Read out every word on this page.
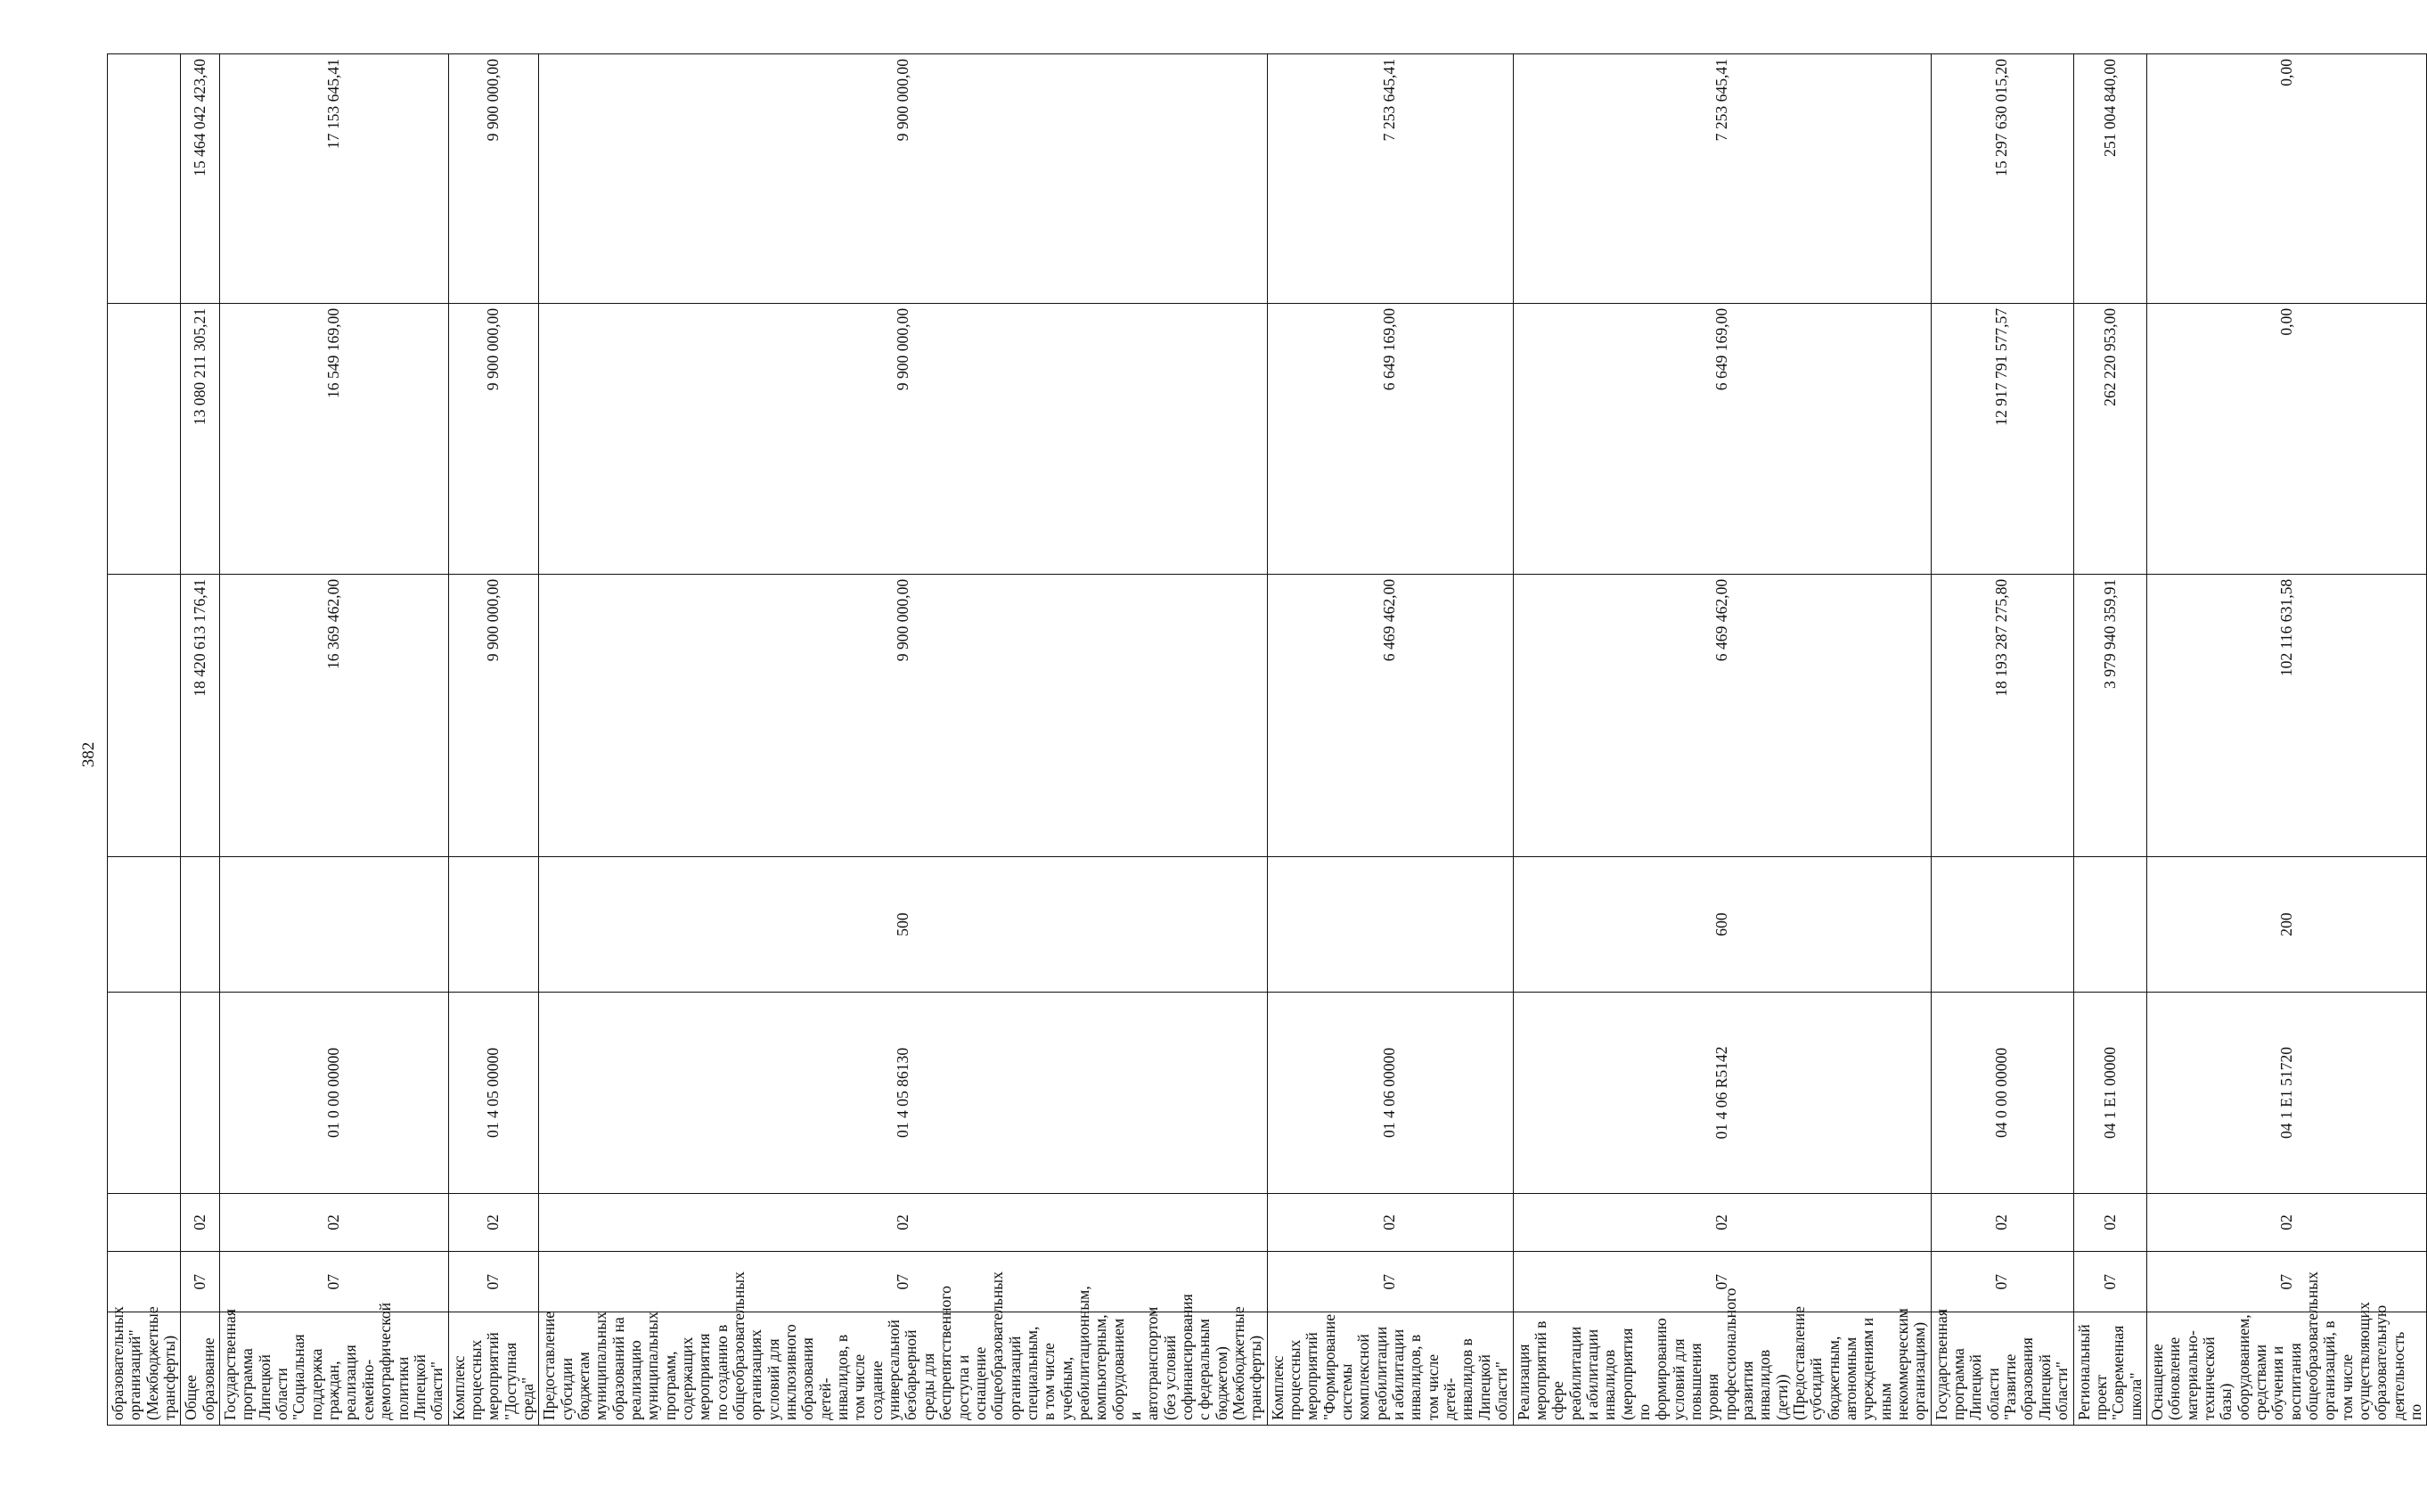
382
образовательных организаций" (Межбюджетные трансферты)							
Общее образование	07	02			18 420 613 176,41	13 080 211 305,21	15 464 042 423,40
Государственная программа Липецкой области "Социальная поддержка граждан, реализация семейно-демографической политики Липецкой области"	07	02	01 0 00 00000		16 369 462,00	16 549 169,00	17 153 645,41
Комплекс процессных мероприятий "Доступная среда"	07	02	01 4 05 00000		9 900 000,00	9 900 000,00	9 900 000,00
Предоставление субсидии бюджетам муниципальных образований на реализацию муниципальных программ, содержащих мероприятия по созданию в общеобразовательных организациях условий для инклюзивного образования детей-инвалидов, в том числе создание универсальной безбарьерной среды для беспрепятственного доступа и оснащение общеобразовательных организаций специальным, в том числе учебным, реабилитационным, компьютерным, оборудованием и автотранспортом (без условий софинансирования с федеральным бюджетом) (Межбюджетные трансферты)	07	02	01 4 05 86130	500	9 900 000,00	9 900 000,00	9 900 000,00
Комплекс процессных мероприятий "Формирование системы комплексной реабилитации и абилитации инвалидов, в том числе детей-инвалидов в Липецкой области"	07	02	01 4 06 00000		6 469 462,00	6 649 169,00	7 253 645,41
Реализация мероприятий в сфере реабилитации и абилитации инвалидов (мероприятия по формированию условий для повышения уровня профессионального развития инвалидов (дети)) (Предоставление субсидий бюджетным, автономным учреждениям и иным некоммерческим организациям)	07	02	01 4 06 R5142	600	6 469 462,00	6 649 169,00	7 253 645,41
Государственная программа Липецкой области "Развитие образования Липецкой области"	07	02	04 0 00 00000		18 193 287 275,80	12 917 791 577,57	15 297 630 015,20
Региональный проект "Современная школа"	07	02	04 1 E1 00000		3 979 940 359,91	262 220 953,00	251 004 840,00
Оснащение (обновление материально-технической базы) оборудованием, средствами обучения и воспитания общеобразовательных организаций, в том числе осуществляющих образовательную деятельность по	07	02	04 1 E1 51720	200	102 116 631,58	0,00	0,00
